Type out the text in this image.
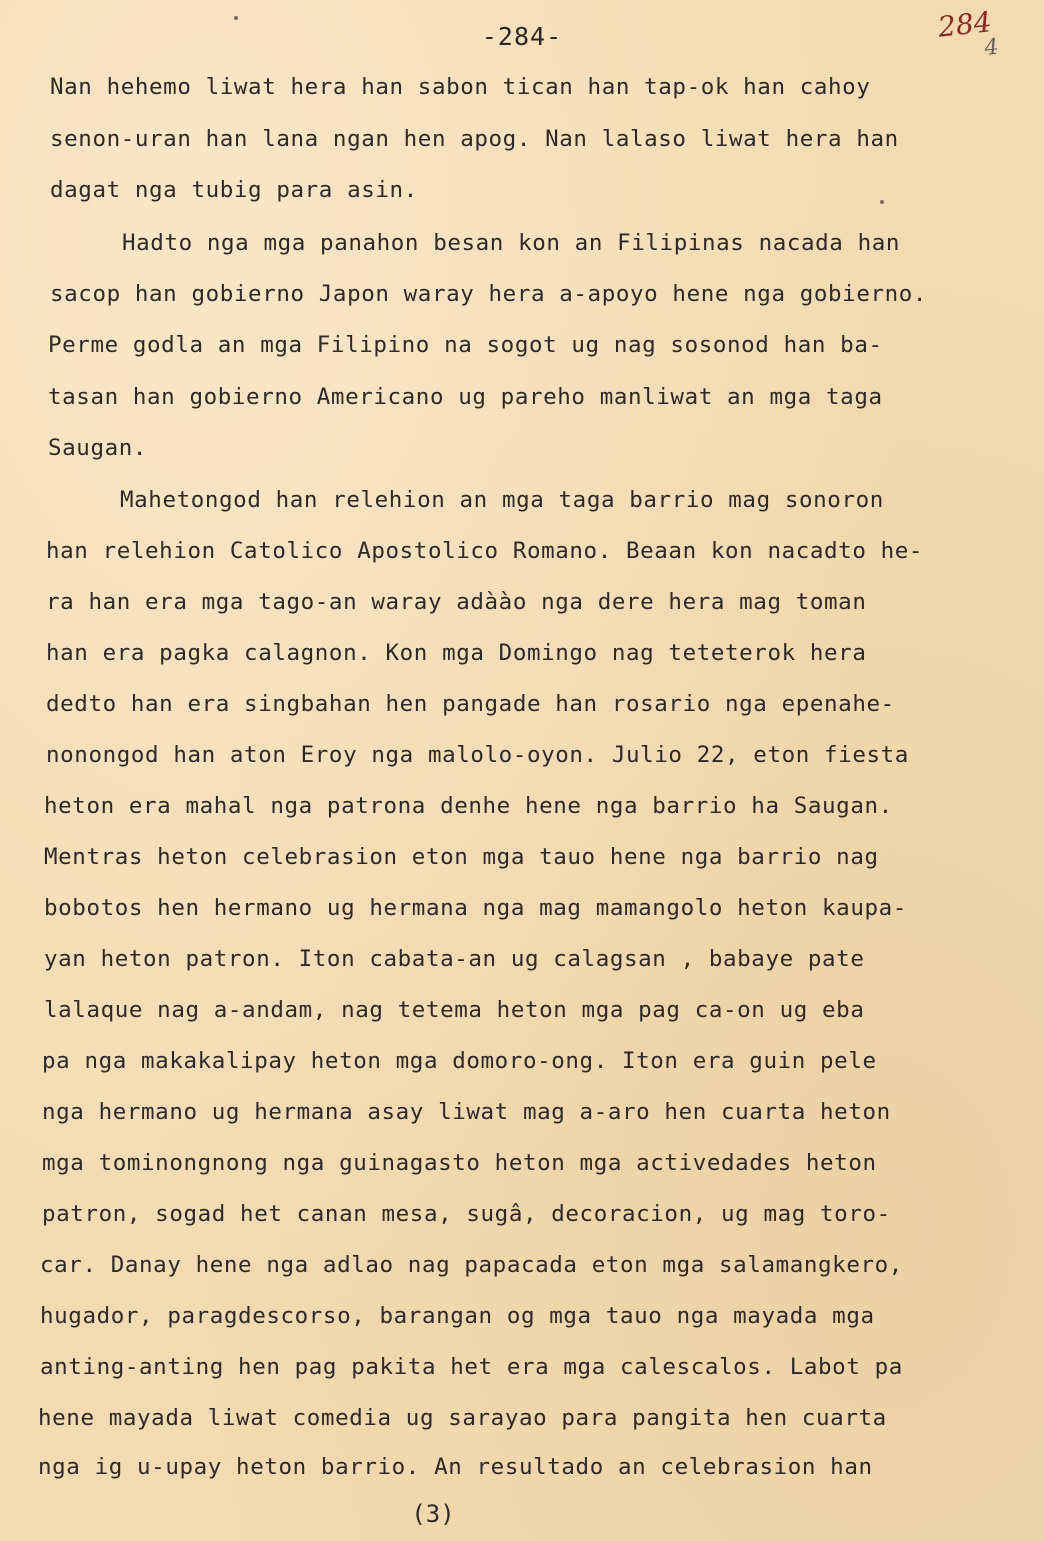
-284-	284
4
Nan hehemo liwat hera han sabon tican han tap-ok han cahoy
senon-uran han lana ngan hen apog. Nan lalaso liwat hera han
dagat nga tubig para asin.
Hadto nga mga panahon besan kon an Filipinas nacada han
sacop han gobierno Japon waray hera a-apoyo hene nga gobierno.
Perme godla an mga Filipino na sogot ug nag sosonod han ba-
tasan han gobierno Americano ug pareho manliwat an mga taga
Saugan.
Mahetongod han relehion an mga taga barrio mag sonoron
han relehion Catolico Apostolico Romano. Beaan kon nacadto he-
ra han era mga tago-an waray adàào nga dere hera mag toman
han era pagka calagnon. Kon mga Domingo nag teteterok hera
dedto han era singbahan hen pangade han rosario nga epenahe-
nonongod han aton Eroy nga malolo-oyon. Julio 22, eton fiesta
heton era mahal nga patrona denhe hene nga barrio ha Saugan.
Mentras heton celebrasion eton mga tauo hene nga barrio nag
bobotos hen hermano ug hermana nga mag mamangolo heton kaupa-
yan heton patron. Iton cabata-an ug calagsan , babaye pate
lalaque nag a-andam, nag tetema heton mga pag ca-on ug eba
pa nga makakalipay heton mga domoro-ong. Iton era guin pele
nga hermano ug hermana asay liwat mag a-aro hen cuarta heton
mga tominongnong nga guinagasto heton mga activedades heton
patron, sogad het canan mesa, sugâ, decoracion, ug mag toro-
car. Danay hene nga adlao nag papacada eton mga salamangkero,
hugador, paragdescorso, barangan og mga tauo nga mayada mga
anting-anting hen pag pakita het era mga calescalos. Labot pa
hene mayada liwat comedia ug sarayao para pangita hen cuarta
nga ig u-upay heton barrio. An resultado an celebrasion han
(3)
